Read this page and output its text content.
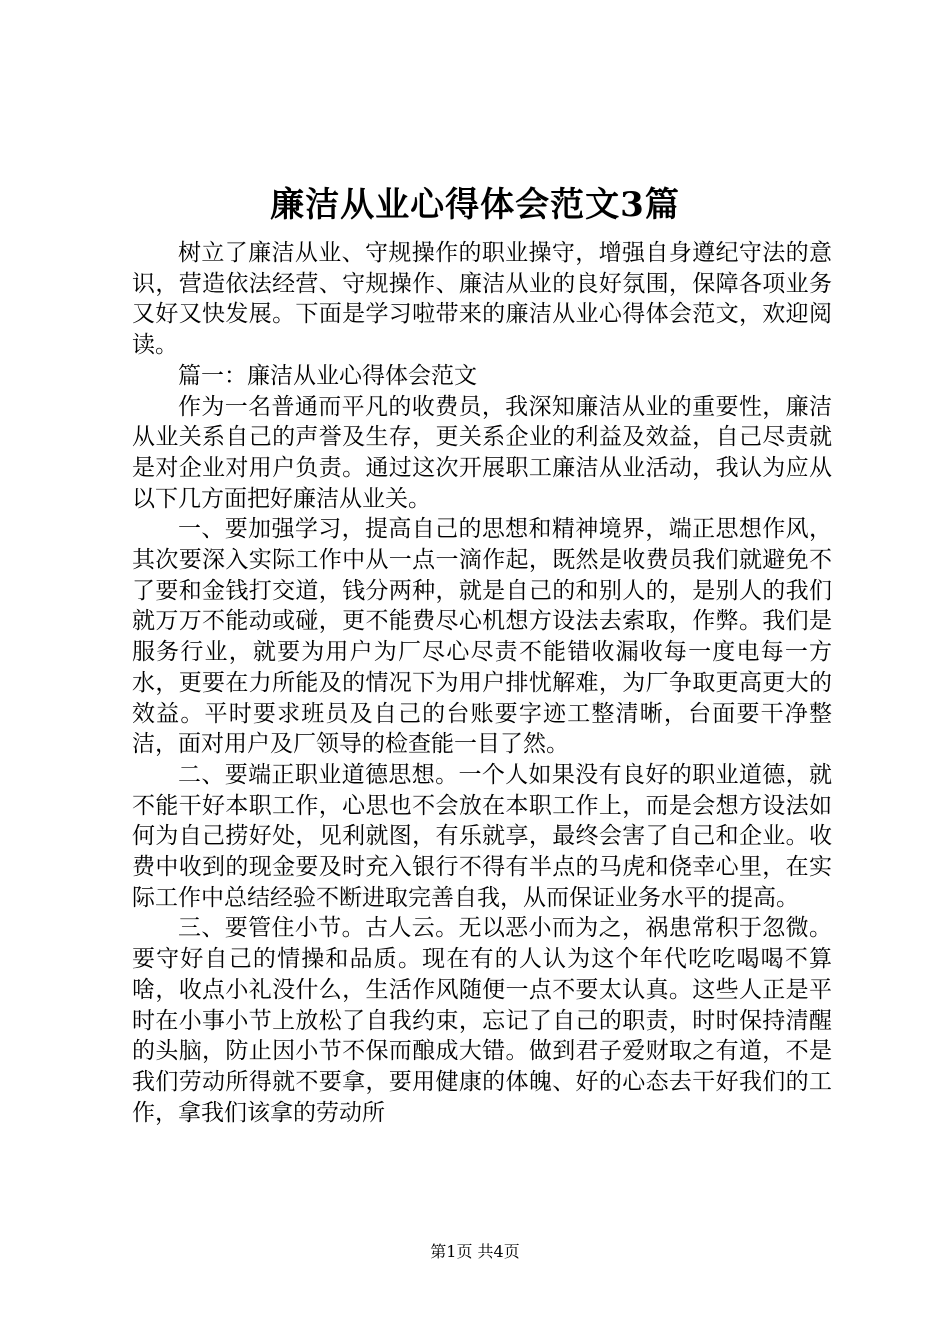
廉洁从业心得体会范文3篇

树立了廉洁从业、守规操作的职业操守，增强自身遵纪守法的意识，营造依法经营、守规操作、廉洁从业的良好氛围，保障各项业务又好又快发展。下面是学习啦带来的廉洁从业心得体会范文，欢迎阅读。

篇一：廉洁从业心得体会范文

作为一名普通而平凡的收费员，我深知廉洁从业的重要性，廉洁从业关系自己的声誉及生存，更关系企业的利益及效益，自己尽责就是对企业对用户负责。通过这次开展职工廉洁从业活动，我认为应从以下几方面把好廉洁从业关。

一、要加强学习，提高自己的思想和精神境界，端正思想作风，其次要深入实际工作中从一点一滴作起，既然是收费员我们就避免不了要和金钱打交道，钱分两种，就是自己的和别人的，是别人的我们就万万不能动或碰，更不能费尽心机想方设法去索取，作弊。我们是服务行业，就要为用户为厂尽心尽责不能错收漏收每一度电每一方水，更要在力所能及的情况下为用户排忧解难，为厂争取更高更大的效益。平时要求班员及自己的台账要字迹工整清晰，台面要干净整洁，面对用户及厂领导的检查能一目了然。

二、要端正职业道德思想。一个人如果没有良好的职业道德，就不能干好本职工作，心思也不会放在本职工作上，而是会想方设法如何为自己捞好处，见利就图，有乐就享，最终会害了自己和企业。收费中收到的现金要及时充入银行不得有半点的马虎和侥幸心里，在实际工作中总结经验不断进取完善自我，从而保证业务水平的提高。

三、要管住小节。古人云。无以恶小而为之，祸患常积于忽微。要守好自己的情操和品质。现在有的人认为这个年代吃吃喝喝不算啥，收点小礼没什么，生活作风随便一点不要太认真。这些人正是平时在小事小节上放松了自我约束，忘记了自己的职责，时时保持清醒的头脑，防止因小节不保而酿成大错。做到君子爱财取之有道，不是我们劳动所得就不要拿，要用健康的体魄、好的心态去干好我们的工作，拿我们该拿的劳动所

第1页 共4页
